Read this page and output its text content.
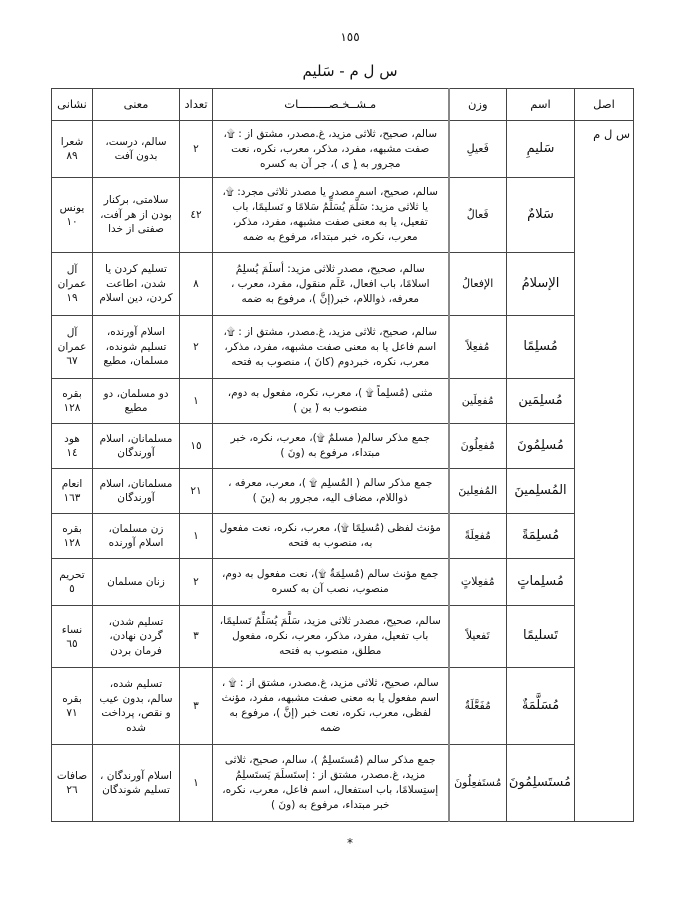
١٥٥
س ل م - سَلیم
اصل	اسم	وزن	مـشــخـصـــــــــات	تعداد	معنی	نشانی
س ل م	سَلیمِ	فَعیلِ	سالم، صحیح، ثلاثی مزید، غ.مصدر، مشتق از : ۩، صفت مشبهه، مفرد، مذکر، معرب، نکره، نعت مجرور به (ٍ ی )، جر آن به کسره	٢	سالم، درست، بدون آفت	شعرا
٨٩
	سَلامٌ	فَعالٌ	سالم، صحیح، اسم مصدر یا مصدر ثلاثی مجرد: ۩، یا ثلاثی مزید: سَلَّمَ یُسَلِّمُ سَلامًا و تَسلیمًا، باب تفعیل، یا به معنی صفت مشبهه، مفرد، مذکر، معرب، نکره، خبر مبتداء، مرفوع به ضمه	٤٢	سلامتی، برکنار بودن از هر آفت، صفتی از خدا	یونس
١٠
	الإسلامُ	الإفعالُ	سالم، صحیح، مصدر ثلاثی مزید: أسلَمَ یُسلِمُ اسلامًا، باب افعال، عَلَم منقول، مفرد، معرب ، معرفه، ذواللام، خبر(إنَّ )، مرفوع به ضمه	٨	تسلیم کردن یا شدن، اطاعت کردن، دین اسلام	آل عمران
١٩
	مُسلِمًا	مُفعِلاً	سالم، صحیح، ثلاثی مزید، غ.مصدر، مشتق از : ۩، اسم فاعل یا به معنی صفت مشبهه، مفرد، مذکر، معرب، نکره، خبردوم (کانَ )، منصوب به فتحه	٢	اسلام آورنده، تسلیم شونده، مسلمان، مطیع	آل عمران
٦٧
	مُسلِمَین	مُفعِلَین	مثنی (مُسلِماً ۩ )، معرب، نکره، مفعول به دوم، منصوب به (َ ین )	١	دو مسلمان، دو مطیع	بقره
١٢٨
	مُسلِمُونَ	مُفعِلُونَ	جمع مذکر سالم( مسلمٌ ۩)، معرب، نکره، خبر مبتداء، مرفوع به (ونَ )	١٥	مسلمانان، اسلام آورندگان	هود
١٤
	المُسلِمینَ	المُفعِلینَ	جمع مذکر سالم ( المُسلِم ۩ )، معرب، معرفه ، ذواللام، مضاف الیه، مجرور به (ینَ )	٢١	مسلمانان، اسلام آورندگان	انعام
١٦٣
	مُسلِمَةً	مُفعِلَةً	مؤنث لفظی (مُسلِمًا ۩)، معرب، نکره، نعت مفعول به، منصوب به فتحه	١	زن مسلمان، اسلام آورنده	بقره
١٢٨
	مُسلِماتٍ	مُفعِلاتٍ	جمع مؤنث سالم (مُسلِمَةٌ ۩)، نعت مفعول به دوم، منصوب، نصب آن به کسره	٢	زنان مسلمان	تحریم
٥
	تَسلیمًا	تَفعیلاً	سالم، صحیح، مصدر ثلاثی مزید، سَلَّمَ یُسَلِّمُ تَسلیمًا، باب تفعیل، مفرد، مذکر، معرب، نکره، مفعول مطلق، منصوب به فتحه	٣	تسلیم شدن، گردن نهادن، فرمان بردن	نساء
٦٥
	مُسَلَّمَةٌ	مُفَعَّلَةٌ	سالم، صحیح، ثلاثی مزید، غ.مصدر، مشتق از : ۩ ، اسم مفعول یا به معنی صفت مشبهه، مفرد، مؤنث لفظی، معرب، نکره، نعت خبر (إنَّ )، مرفوع به ضمه	٣	تسلیم شده، سالم، بدون عیب و نقص، پرداخت شده	بقره
٧١
	مُستَسلِمُونَ	مُستَفعِلُونَ	جمع مذکر سالم (مُستَسلِمٌ )، سالم، صحیح، ثلاثی مزید، غ.مصدر، مشتق از : إستَسلَمَ یَستَسلِمُ إستِسلامًا، باب استفعال، اسم فاعل، معرب، نکره، خبر مبتداء، مرفوع به (ونَ )	١	اسلام آورندگان ، تسلیم شوندگان	صافات
٢٦
*
